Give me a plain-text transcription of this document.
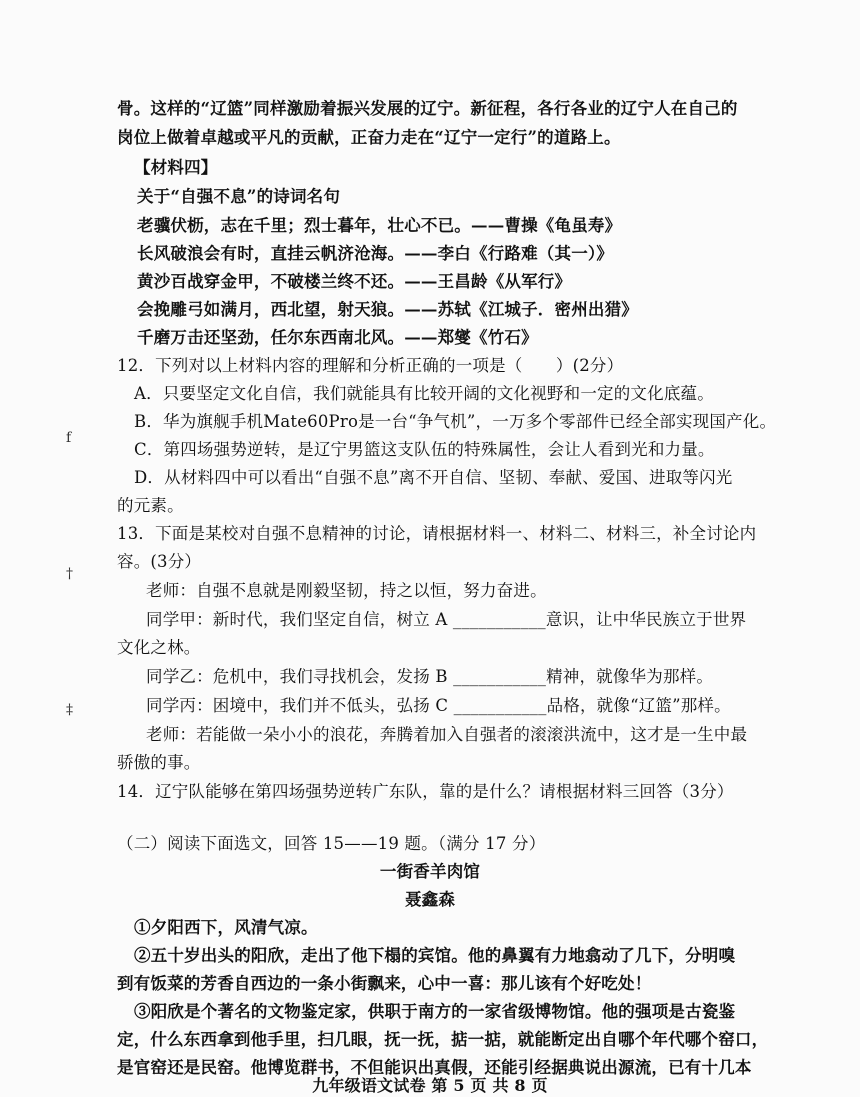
骨。这样的“辽篮”同样激励着振兴发展的辽宁。新征程，各行各业的辽宁人在自己的
岗位上做着卓越或平凡的贡献，正奋力走在“辽宁一定行”的道路上。
【材料四】
关于“自强不息”的诗词名句
老骥伏枥，志在千里；烈士暮年，壮心不已。——曹操《龟虽寿》
长风破浪会有时，直挂云帆济沧海。——李白《行路难（其一）》
黄沙百战穿金甲，不破楼兰终不还。——王昌龄《从军行》
会挽雕弓如满月，西北望，射天狼。——苏轼《江城子．密州出猎》
千磨万击还坚劲，任尔东西南北风。——郑燮《竹石》
12．下列对以上材料内容的理解和分析正确的一项是（　　）(2分）
A．只要坚定文化自信，我们就能具有比较开阔的文化视野和一定的文化底蕴。
B．华为旗舰手机Mate60Pro是一台“争气机”，一万多个零部件已经全部实现国产化。
C．第四场强势逆转，是辽宁男篮这支队伍的特殊属性，会让人看到光和力量。
D．从材料四中可以看出“自强不息”离不开自信、坚韧、奉献、爱国、进取等闪光
的元素。
13．下面是某校对自强不息精神的讨论，请根据材料一、材料二、材料三，补全讨论内
容。(3分）
老师：自强不息就是刚毅坚韧，持之以恒，努力奋进。
同学甲：新时代，我们坚定自信，树立 A ___________意识，让中华民族立于世界
文化之林。
同学乙：危机中，我们寻找机会，发扬 B ___________精神，就像华为那样。
同学丙：困境中，我们并不低头，弘扬 C ___________品格，就像“辽篮”那样。
老师：若能做一朵小小的浪花，奔腾着加入自强者的滚滚洪流中，这才是一生中最
骄傲的事。
14．辽宁队能够在第四场强势逆转广东队，靠的是什么？请根据材料三回答（3分）
（二）阅读下面选文，回答 15——19 题。（满分 17 分）
一街香羊肉馆
聂鑫森
①夕阳西下，风清气凉。
②五十岁出头的阳欣，走出了他下榻的宾馆。他的鼻翼有力地翕动了几下，分明嗅
到有饭菜的芳香自西边的一条小街飘来，心中一喜：那儿该有个好吃处！
③阳欣是个著名的文物鉴定家，供职于南方的一家省级博物馆。他的强项是古瓷鉴
定，什么东西拿到他手里，扫几眼，抚一抚，掂一掂，就能断定出自哪个年代哪个窑口，
是官窑还是民窑。他博览群书，不但能识出真假，还能引经据典说出源流，已有十几本
九年级语文试卷 第 5 页 共 8 页
f
†
‡
